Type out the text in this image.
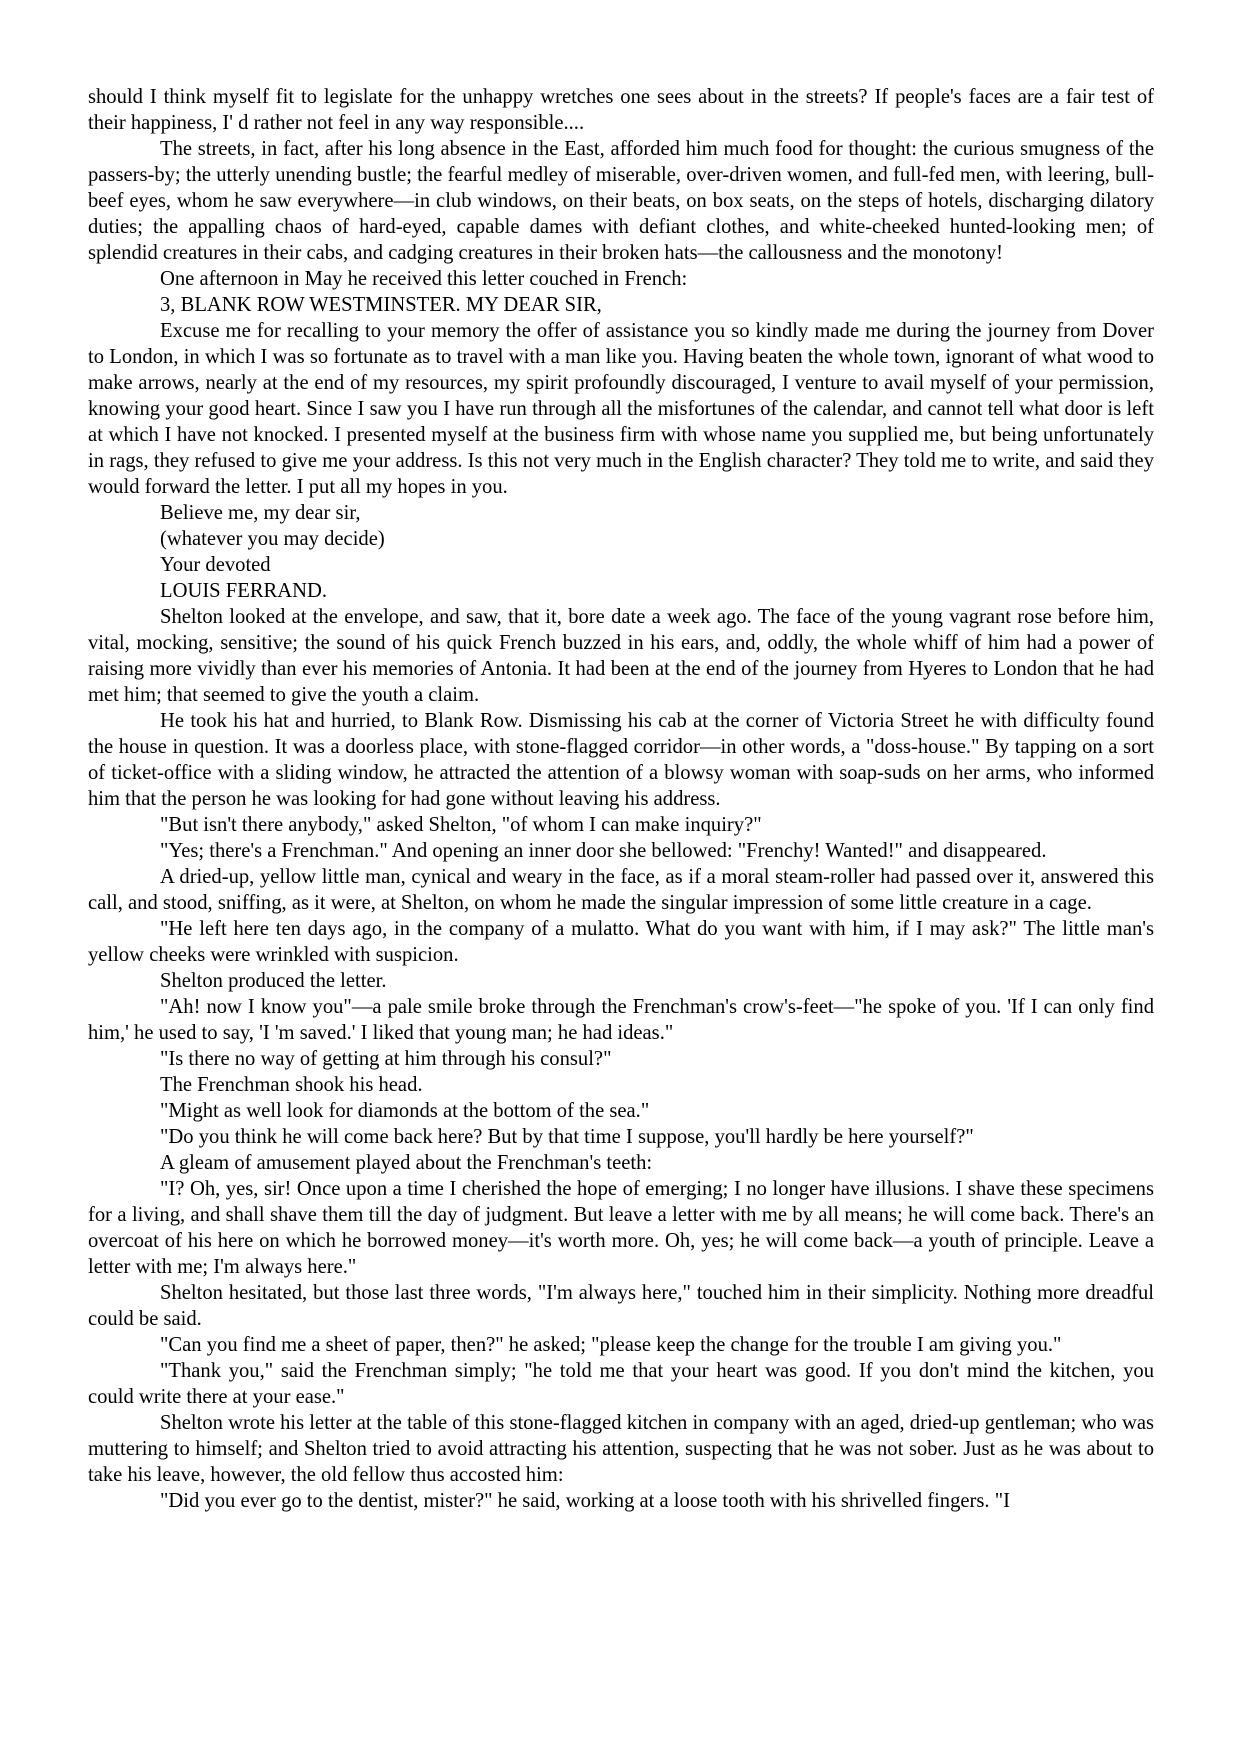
should I think myself fit to legislate for the unhappy wretches one sees about in the streets? If people's faces are a fair test of their happiness, I' d rather not feel in any way responsible....

The streets, in fact, after his long absence in the East, afforded him much food for thought: the curious smugness of the passers-by; the utterly unending bustle; the fearful medley of miserable, over-driven women, and full-fed men, with leering, bull-beef eyes, whom he saw everywhere—in club windows, on their beats, on box seats, on the steps of hotels, discharging dilatory duties; the appalling chaos of hard-eyed, capable dames with defiant clothes, and white-cheeked hunted-looking men; of splendid creatures in their cabs, and cadging creatures in their broken hats—the callousness and the monotony!

One afternoon in May he received this letter couched in French:

3, BLANK ROW WESTMINSTER. MY DEAR SIR,

Excuse me for recalling to your memory the offer of assistance you so kindly made me during the journey from Dover to London, in which I was so fortunate as to travel with a man like you. Having beaten the whole town, ignorant of what wood to make arrows, nearly at the end of my resources, my spirit profoundly discouraged, I venture to avail myself of your permission, knowing your good heart. Since I saw you I have run through all the misfortunes of the calendar, and cannot tell what door is left at which I have not knocked. I presented myself at the business firm with whose name you supplied me, but being unfortunately in rags, they refused to give me your address. Is this not very much in the English character? They told me to write, and said they would forward the letter. I put all my hopes in you.

Believe me, my dear sir,

(whatever you may decide)

Your devoted

LOUIS FERRAND.

Shelton looked at the envelope, and saw, that it, bore date a week ago. The face of the young vagrant rose before him, vital, mocking, sensitive; the sound of his quick French buzzed in his ears, and, oddly, the whole whiff of him had a power of raising more vividly than ever his memories of Antonia. It had been at the end of the journey from Hyeres to London that he had met him; that seemed to give the youth a claim.

He took his hat and hurried, to Blank Row. Dismissing his cab at the corner of Victoria Street he with difficulty found the house in question. It was a doorless place, with stone-flagged corridor—in other words, a "doss-house." By tapping on a sort of ticket-office with a sliding window, he attracted the attention of a blowsy woman with soap-suds on her arms, who informed him that the person he was looking for had gone without leaving his address.

"But isn't there anybody," asked Shelton, "of whom I can make inquiry?"

"Yes; there's a Frenchman." And opening an inner door she bellowed: "Frenchy! Wanted!" and disappeared.

A dried-up, yellow little man, cynical and weary in the face, as if a moral steam-roller had passed over it, answered this call, and stood, sniffing, as it were, at Shelton, on whom he made the singular impression of some little creature in a cage.

"He left here ten days ago, in the company of a mulatto. What do you want with him, if I may ask?" The little man's yellow cheeks were wrinkled with suspicion.

Shelton produced the letter.

"Ah! now I know you"—a pale smile broke through the Frenchman's crow's-feet—"he spoke of you. 'If I can only find him,' he used to say, 'I 'm saved.' I liked that young man; he had ideas."

"Is there no way of getting at him through his consul?"

The Frenchman shook his head.

"Might as well look for diamonds at the bottom of the sea."

"Do you think he will come back here? But by that time I suppose, you'll hardly be here yourself?"

A gleam of amusement played about the Frenchman's teeth:

"I? Oh, yes, sir! Once upon a time I cherished the hope of emerging; I no longer have illusions. I shave these specimens for a living, and shall shave them till the day of judgment. But leave a letter with me by all means; he will come back. There's an overcoat of his here on which he borrowed money—it's worth more. Oh, yes; he will come back—a youth of principle. Leave a letter with me; I'm always here."

Shelton hesitated, but those last three words, "I'm always here," touched him in their simplicity. Nothing more dreadful could be said.

"Can you find me a sheet of paper, then?" he asked; "please keep the change for the trouble I am giving you."

"Thank you," said the Frenchman simply; "he told me that your heart was good. If you don't mind the kitchen, you could write there at your ease."

Shelton wrote his letter at the table of this stone-flagged kitchen in company with an aged, dried-up gentleman; who was muttering to himself; and Shelton tried to avoid attracting his attention, suspecting that he was not sober. Just as he was about to take his leave, however, the old fellow thus accosted him:

"Did you ever go to the dentist, mister?" he said, working at a loose tooth with his shrivelled fingers. "I
